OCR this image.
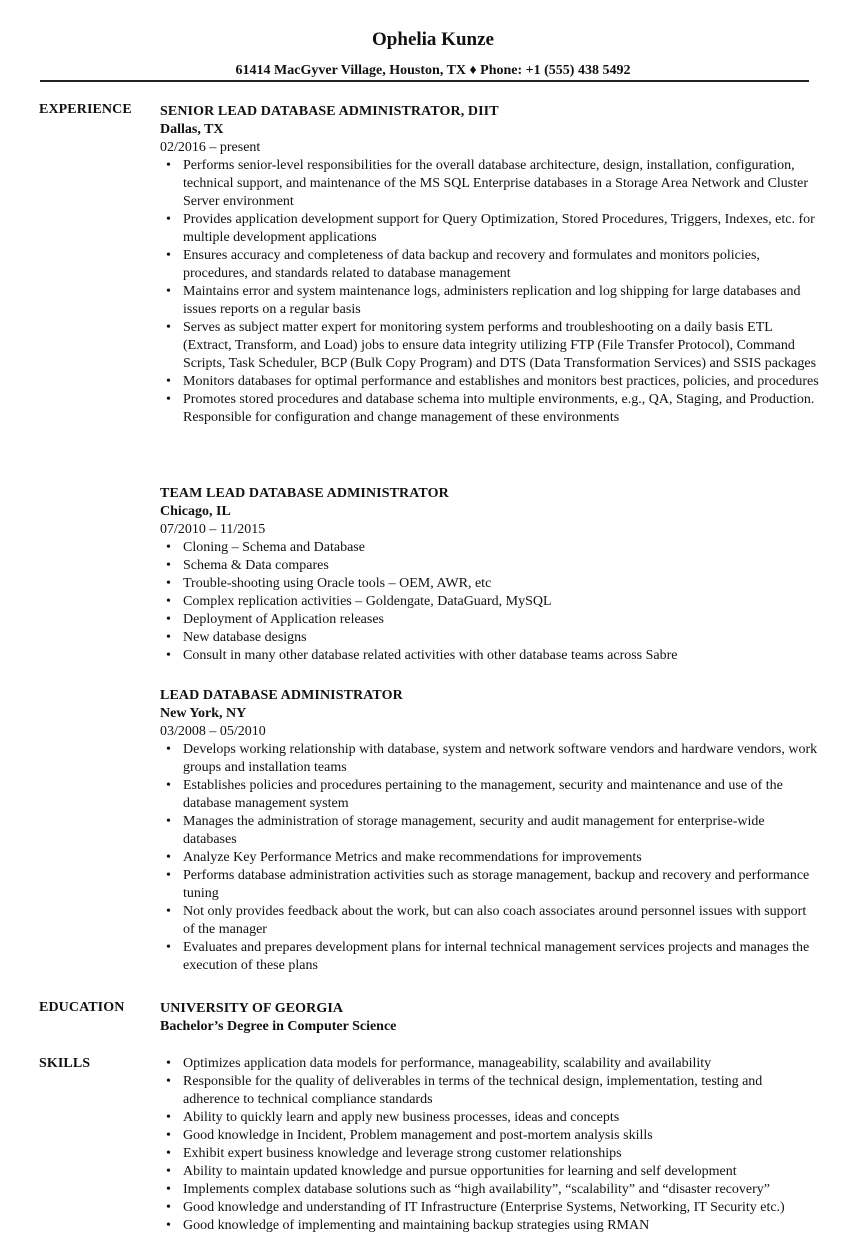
Ophelia Kunze
61414 MacGyver Village, Houston, TX ♦ Phone: +1 (555) 438 5492
EXPERIENCE SENIOR LEAD DATABASE ADMINISTRATOR, DIIT
Dallas, TX
02/2016 – present
• Performs senior-level responsibilities for the overall database architecture, design, installation, configuration, technical support, and maintenance of the MS SQL Enterprise databases in a Storage Area Network and Cluster Server environment
• Provides application development support for Query Optimization, Stored Procedures, Triggers, Indexes, etc. for multiple development applications
• Ensures accuracy and completeness of data backup and recovery and formulates and monitors policies, procedures, and standards related to database management
• Maintains error and system maintenance logs, administers replication and log shipping for large databases and issues reports on a regular basis
• Serves as subject matter expert for monitoring system performs and troubleshooting on a daily basis ETL (Extract, Transform, and Load) jobs to ensure data integrity utilizing FTP (File Transfer Protocol), Command Scripts, Task Scheduler, BCP (Bulk Copy Program) and DTS (Data Transformation Services) and SSIS packages
• Monitors databases for optimal performance and establishes and monitors best practices, policies, and procedures
• Promotes stored procedures and database schema into multiple environments, e.g., QA, Staging, and Production. Responsible for configuration and change management of these environments
TEAM LEAD DATABASE ADMINISTRATOR
Chicago, IL
07/2010 – 11/2015
• Cloning – Schema and Database
• Schema & Data compares
• Trouble-shooting using Oracle tools – OEM, AWR, etc
• Complex replication activities – Goldengate, DataGuard, MySQL
• Deployment of Application releases
• New database designs
• Consult in many other database related activities with other database teams across Sabre
LEAD DATABASE ADMINISTRATOR
New York, NY
03/2008 – 05/2010
• Develops working relationship with database, system and network software vendors and hardware vendors, work groups and installation teams
• Establishes policies and procedures pertaining to the management, security and maintenance and use of the database management system
• Manages the administration of storage management, security and audit management for enterprise-wide databases
• Analyze Key Performance Metrics and make recommendations for improvements
• Performs database administration activities such as storage management, backup and recovery and performance tuning
• Not only provides feedback about the work, but can also coach associates around personnel issues with support of the manager
• Evaluates and prepares development plans for internal technical management services projects and manages the execution of these plans
EDUCATION	UNIVERSITY OF GEORGIA
Bachelor’s Degree in Computer Science
SKILLS
•	Optimizes application data models for performance, manageability, scalability and availability
• Responsible for the quality of deliverables in terms of the technical design, implementation, testing and adherence to technical compliance standards
• Ability to quickly learn and apply new business processes, ideas and concepts
• Good knowledge in Incident, Problem management and post-mortem analysis skills
• Exhibit expert business knowledge and leverage strong customer relationships
• Ability to maintain updated knowledge and pursue opportunities for learning and self development
• Implements complex database solutions such as “high availability”, “scalability” and “disaster recovery”
• Good knowledge and understanding of IT Infrastructure (Enterprise Systems, Networking, IT Security etc.)
• Good knowledge of implementing and maintaining backup strategies using RMAN
